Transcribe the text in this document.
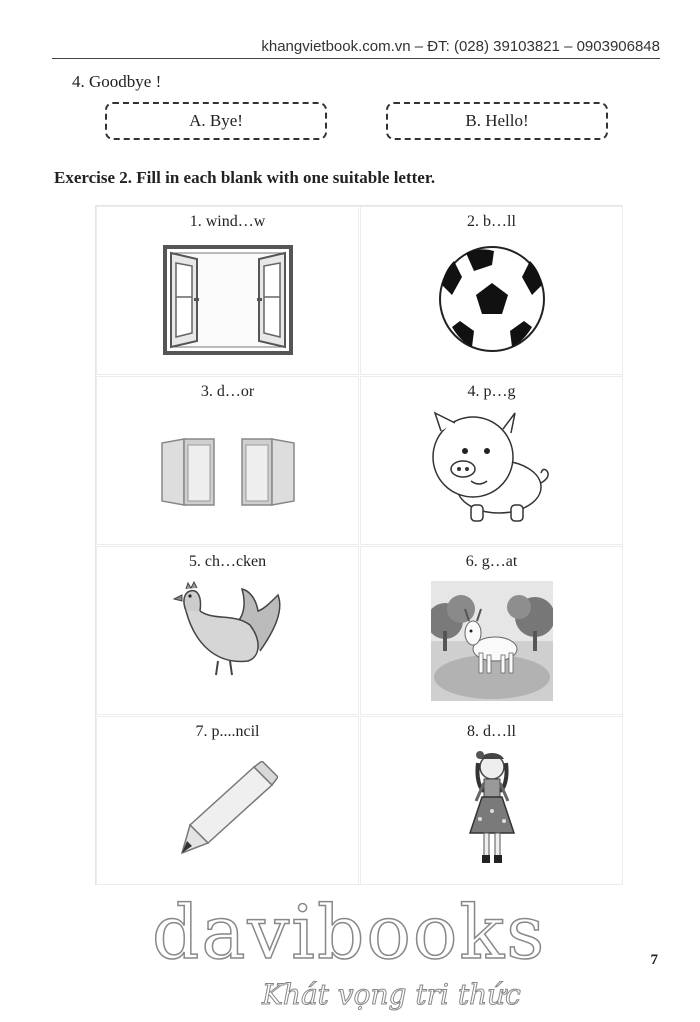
khangvietbook.com.vn – ĐT: (028) 39103821 – 0903906848
4. Goodbye !
A. Bye!	B. Hello!
Exercise 2. Fill in each blank with one suitable letter.
1. wind…w	2. b…ll
3. d…or	4. p…g
5. ch…cken	6. g…at
7. p....ncil	8. d…ll
7
davibooks
Khát vọng tri thức
